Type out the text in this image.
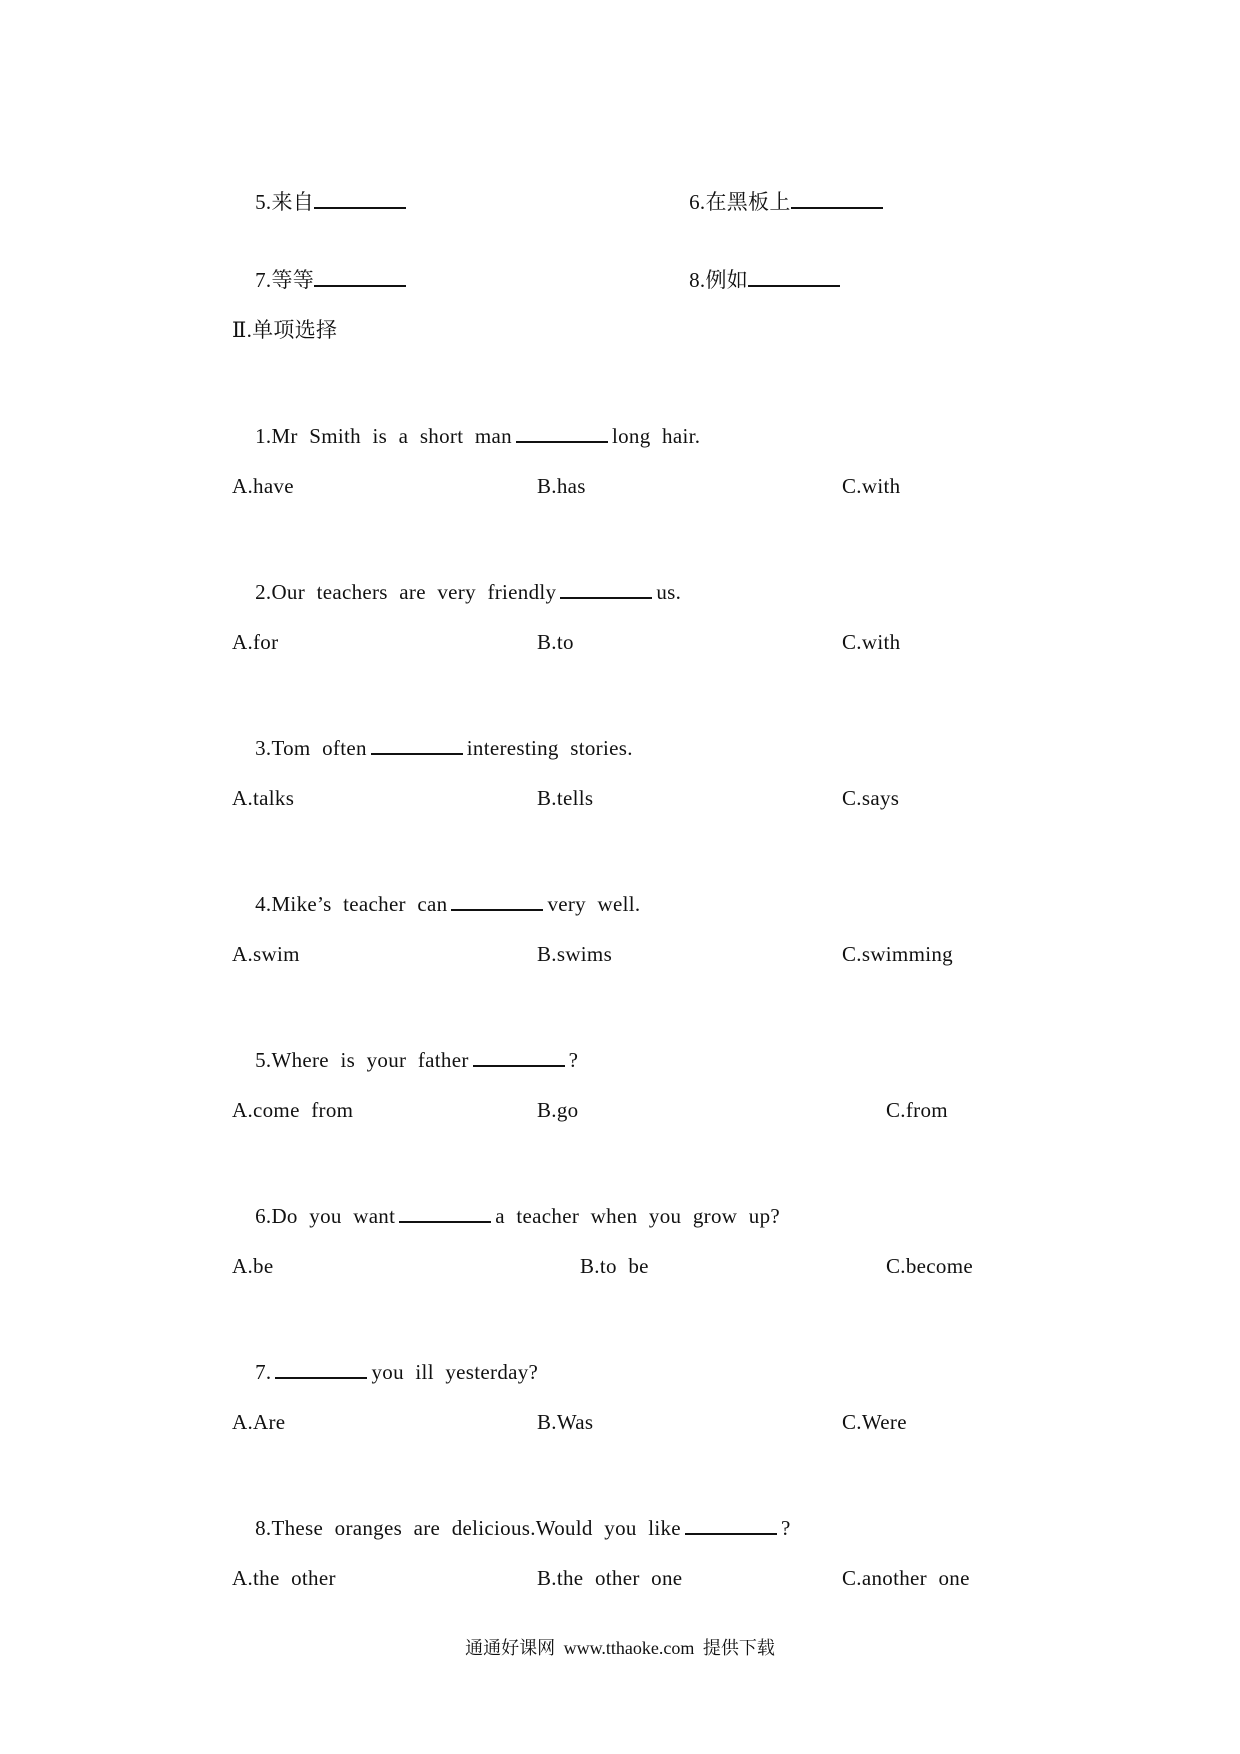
5.来自	6.在黑板上

7.等等	8.例如

Ⅱ.单项选择

1.Mr Smith is a short man	long hair.

A.have	B.has	C.with

2.Our teachers are very friendly	us.

A.for	B.to	C.with

3.Tom often	interesting stories.

A.talks	B.tells	C.says

4.Mike’s teacher can	very well.

A.swim	B.swims	C.swimming

5.Where is your father	?

A.come from	B.go	C.from

6.Do you want	a teacher when you grow up?

A.be	B.to be	C.become

7.	you ill yesterday?

A.Are	B.Was	C.Were

8.These oranges are delicious.Would you like	?

A.the other	B.the other one	C.another one
通通好课网 www.tthaoke.com 提供下载
